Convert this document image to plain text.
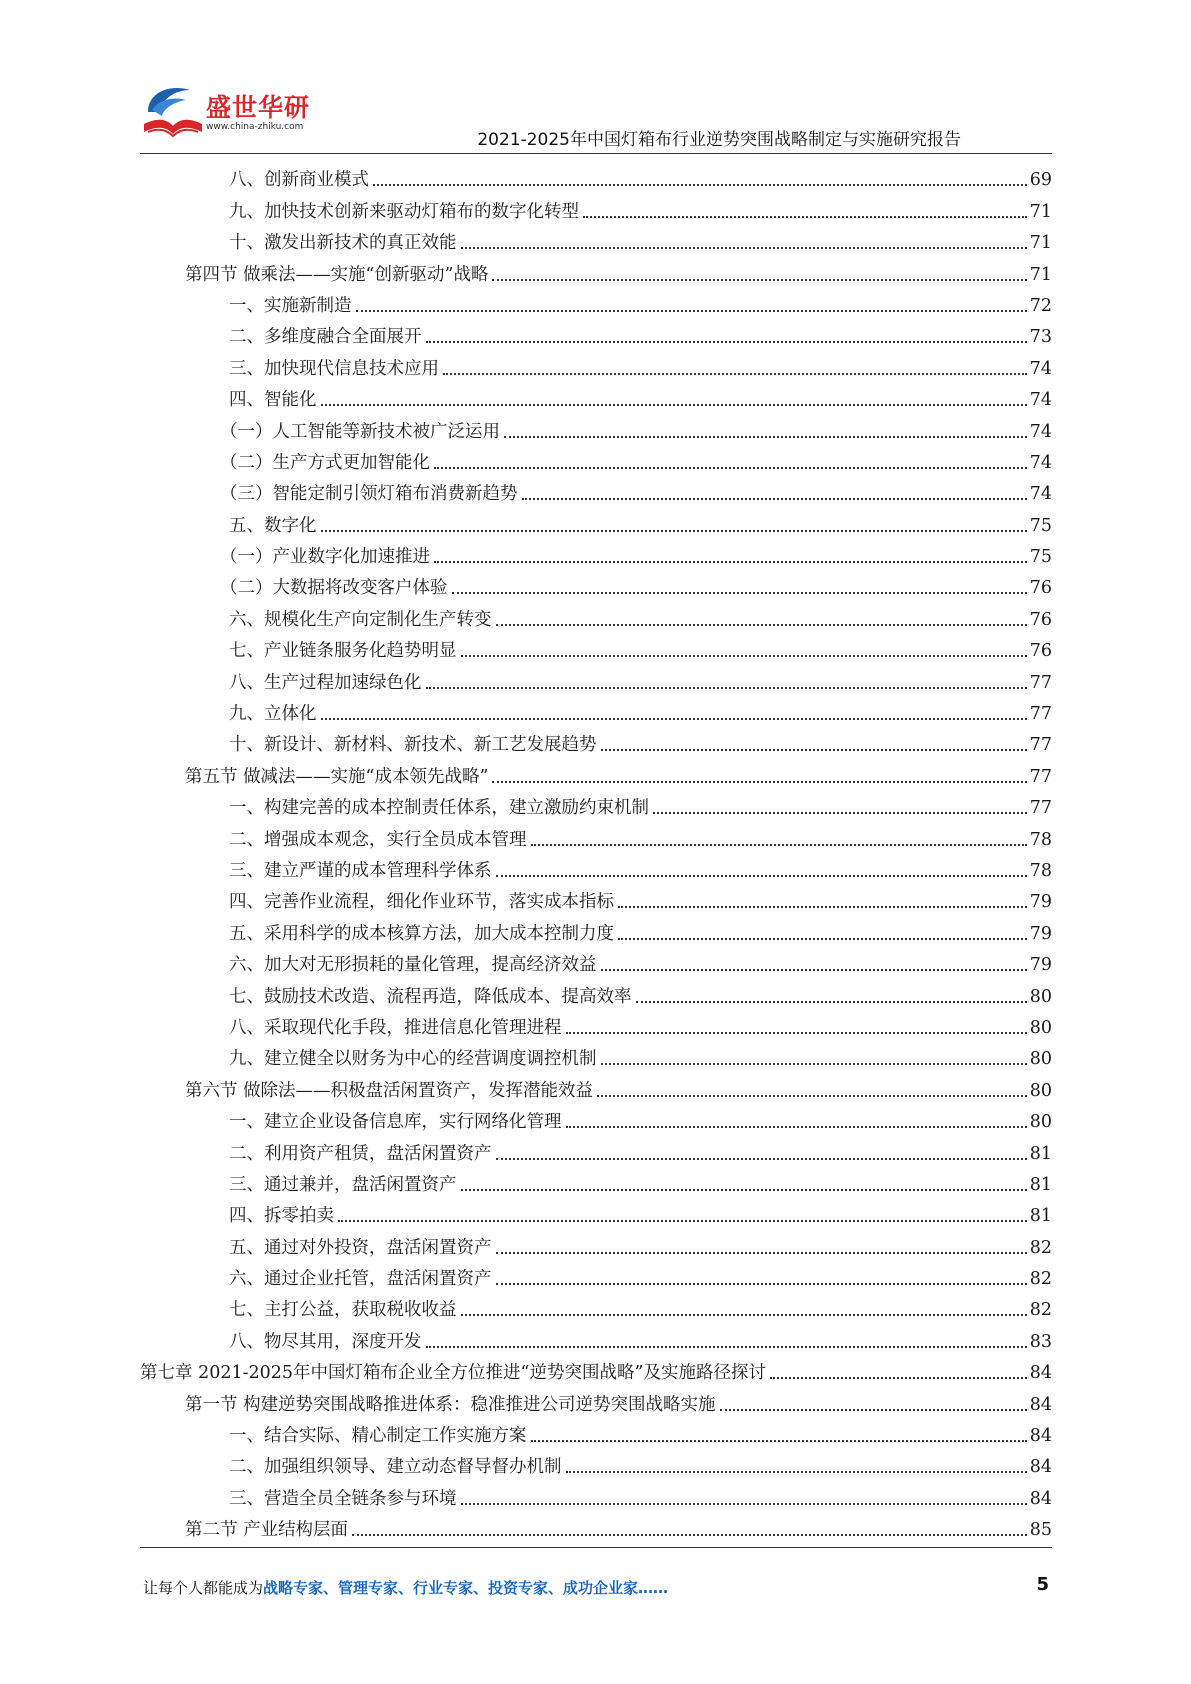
盛世华研
www.china-zhiku.com
2021-2025年中国灯箱布行业逆势突围战略制定与实施研究报告
八、创新商业模式	69
九、加快技术创新来驱动灯箱布的数字化转型	71
十、激发出新技术的真正效能	71
第四节 做乘法——实施“创新驱动”战略	71
一、实施新制造	72
二、多维度融合全面展开	73
三、加快现代信息技术应用	74
四、智能化	74
（一）人工智能等新技术被广泛运用	74
（二）生产方式更加智能化	74
（三）智能定制引领灯箱布消费新趋势	74
五、数字化	75
（一）产业数字化加速推进	75
（二）大数据将改变客户体验	76
六、规模化生产向定制化生产转变	76
七、产业链条服务化趋势明显	76
八、生产过程加速绿色化	77
九、立体化	77
十、新设计、新材料、新技术、新工艺发展趋势	77
第五节 做减法——实施“成本领先战略”	77
一、构建完善的成本控制责任体系，建立激励约束机制	77
二、增强成本观念，实行全员成本管理	78
三、建立严谨的成本管理科学体系	78
四、完善作业流程，细化作业环节，落实成本指标	79
五、采用科学的成本核算方法，加大成本控制力度	79
六、加大对无形损耗的量化管理，提高经济效益	79
七、鼓励技术改造、流程再造，降低成本、提高效率	80
八、采取现代化手段，推进信息化管理进程	80
九、建立健全以财务为中心的经营调度调控机制	80
第六节 做除法——积极盘活闲置资产，发挥潜能效益	80
一、建立企业设备信息库，实行网络化管理	80
二、利用资产租赁，盘活闲置资产	81
三、通过兼并，盘活闲置资产	81
四、拆零拍卖	81
五、通过对外投资，盘活闲置资产	82
六、通过企业托管，盘活闲置资产	82
七、主打公益，获取税收收益	82
八、物尽其用，深度开发	83
第七章 2021-2025年中国灯箱布企业全方位推进“逆势突围战略”及实施路径探讨	84
第一节 构建逆势突围战略推进体系：稳准推进公司逆势突围战略实施	84
一、结合实际、精心制定工作实施方案	84
二、加强组织领导、建立动态督导督办机制	84
三、营造全员全链条参与环境	84
第二节 产业结构层面	85
让每个人都能成为战略专家、管理专家、行业专家、投资专家、成功企业家……	5
